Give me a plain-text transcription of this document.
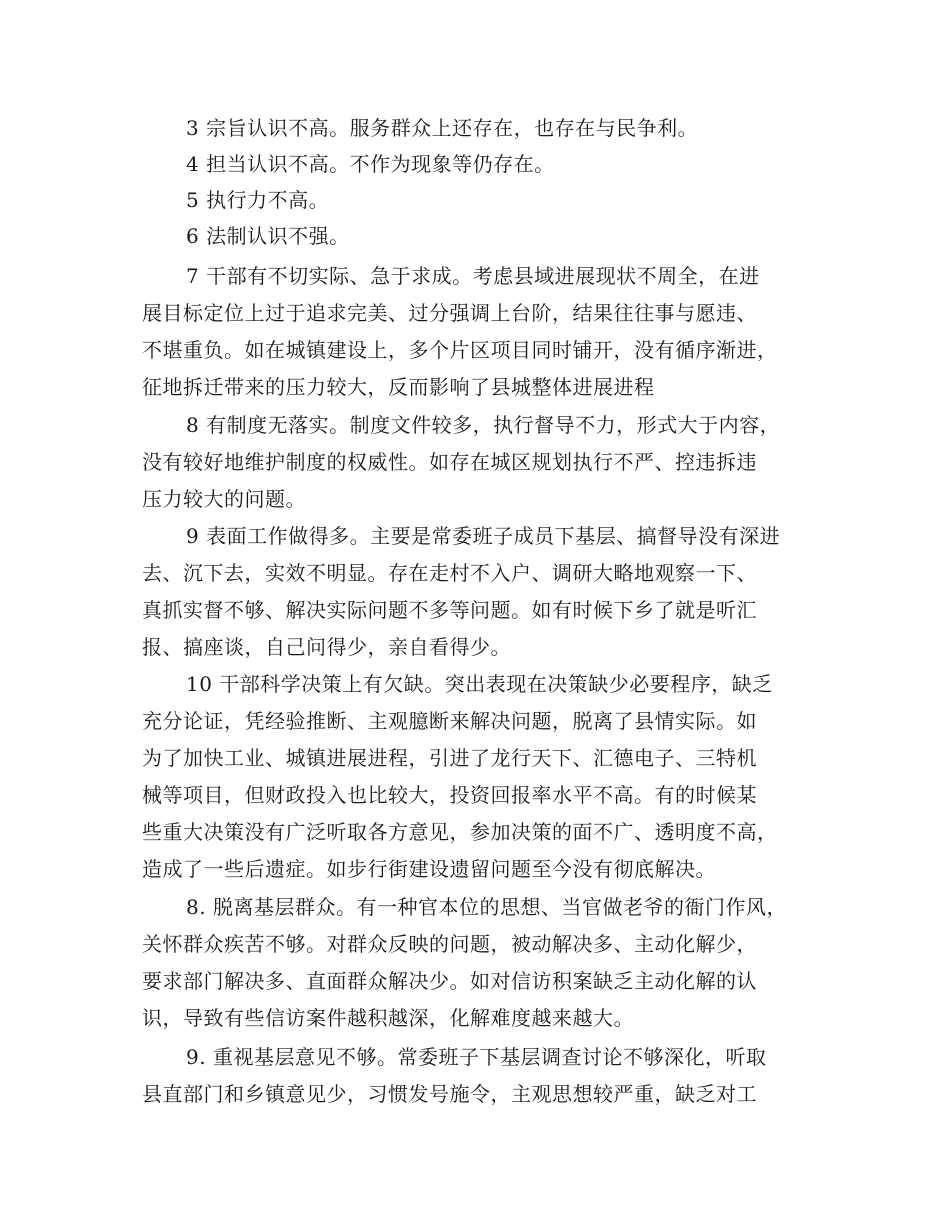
3 宗旨认识不高。服务群众上还存在，也存在与民争利。
4 担当认识不高。不作为现象等仍存在。
5 执行力不高。
6 法制认识不强。
7 干部有不切实际、急于求成。考虑县域进展现状不周全，在进
展目标定位上过于追求完美、过分强调上台阶，结果往往事与愿违、
不堪重负。如在城镇建设上，多个片区项目同时铺开，没有循序渐进，
征地拆迁带来的压力较大，反而影响了县城整体进展进程
8 有制度无落实。制度文件较多，执行督导不力，形式大于内容，
没有较好地维护制度的权威性。如存在城区规划执行不严、控违拆违
压力较大的问题。
9 表面工作做得多。主要是常委班子成员下基层、搞督导没有深进
去、沉下去，实效不明显。存在走村不入户、调研大略地观察一下、
真抓实督不够、解决实际问题不多等问题。如有时候下乡了就是听汇
报、搞座谈，自己问得少，亲自看得少。
10 干部科学决策上有欠缺。突出表现在决策缺少必要程序，缺乏
充分论证，凭经验推断、主观臆断来解决问题，脱离了县情实际。如
为了加快工业、城镇进展进程，引进了龙行天下、汇德电子、三特机
械等项目，但财政投入也比较大，投资回报率水平不高。有的时候某
些重大决策没有广泛听取各方意见，参加决策的面不广、透明度不高，
造成了一些后遗症。如步行街建设遗留问题至今没有彻底解决。
8. 脱离基层群众。有一种官本位的思想、当官做老爷的衙门作风，
关怀群众疾苦不够。对群众反映的问题，被动解决多、主动化解少，
要求部门解决多、直面群众解决少。如对信访积案缺乏主动化解的认
识，导致有些信访案件越积越深，化解难度越来越大。
9. 重视基层意见不够。常委班子下基层调查讨论不够深化，听取
县直部门和乡镇意见少，习惯发号施令，主观思想较严重，缺乏对工
